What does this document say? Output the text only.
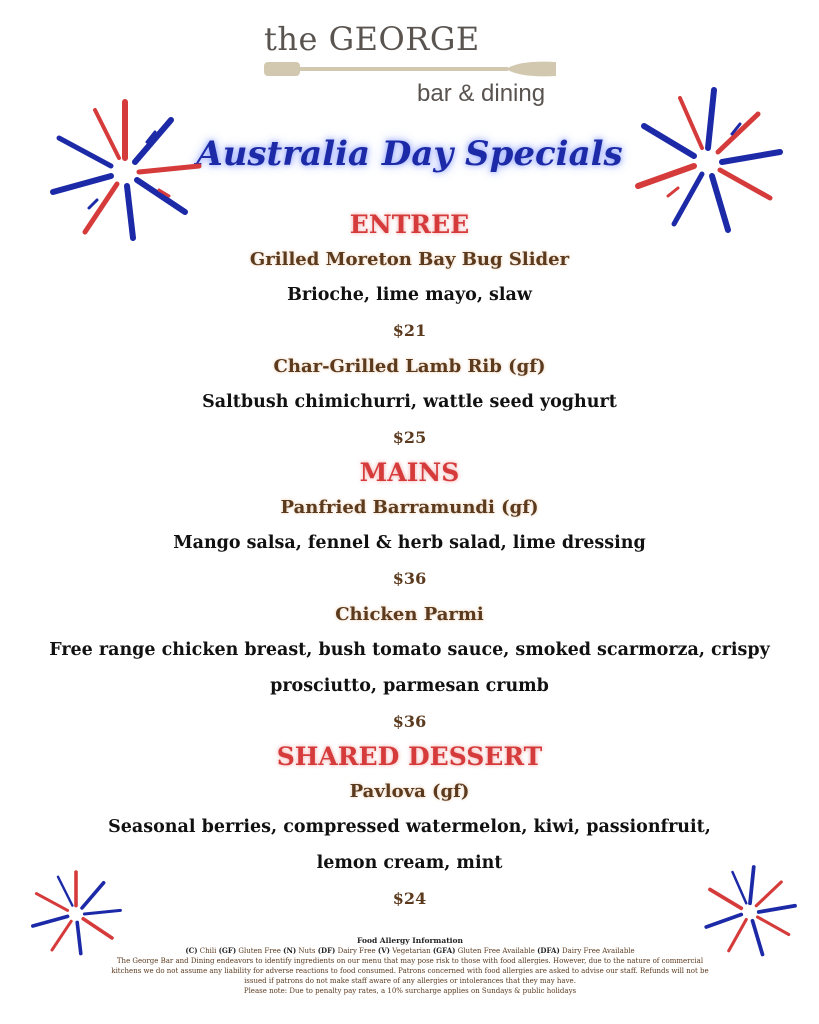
the GEORGE
bar & dining
Australia Day Specials
ENTREE
Grilled Moreton Bay Bug Slider
Brioche, lime mayo, slaw
$21
Char-Grilled Lamb Rib (gf)
Saltbush chimichurri, wattle seed yoghurt
$25
MAINS
Panfried Barramundi (gf)
Mango salsa, fennel & herb salad, lime dressing
$36
Chicken Parmi
Free range chicken breast, bush tomato sauce, smoked scarmorza, crispy prosciutto, parmesan crumb
$36
SHARED DESSERT
Pavlova (gf)
Seasonal berries, compressed watermelon, kiwi, passionfruit, lemon cream, mint
$24
Food Allergy Information
(C) Chili (GF) Gluten Free (N) Nuts (DF) Dairy Free (V) Vegetarian (GFA) Gluten Free Available (DFA) Dairy Free Available
The George Bar and Dining endeavors to identify ingredients on our menu that may pose risk to those with food allergies. However, due to the nature of commercial kitchens we do not assume any liability for adverse reactions to food consumed. Patrons concerned with food allergies are asked to advise our staff. Refunds will not be issued if patrons do not make staff aware of any allergies or intolerances that they may have.
Please note: Due to penalty pay rates, a 10% surcharge applies on Sundays & public holidays
